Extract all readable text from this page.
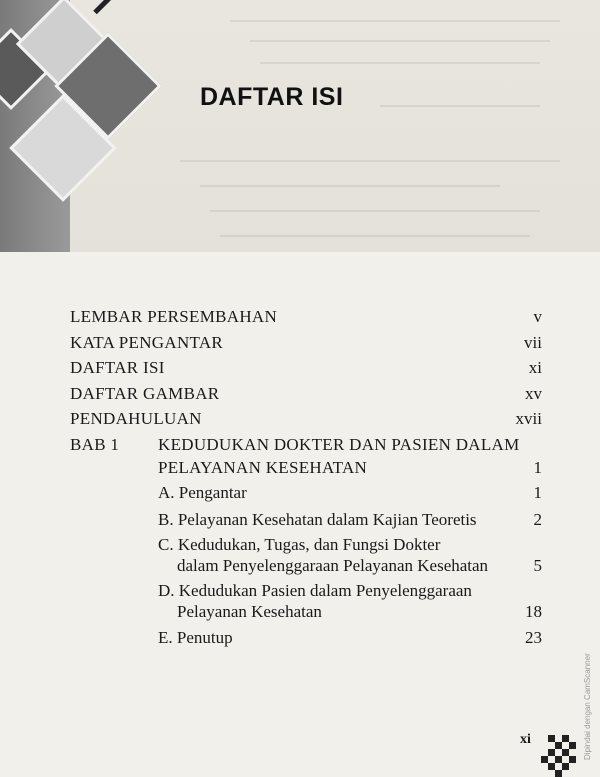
DAFTAR ISI
LEMBAR PERSEMBAHAN	v
KATA PENGANTAR	vii
DAFTAR ISI	xi
DAFTAR GAMBAR	xv
PENDAHULUAN	xvii
BAB 1 KEDUDUKAN DOKTER DAN PASIEN DALAM
PELAYANAN KESEHATAN	1
A. Pengantar	1
B. Pelayanan Kesehatan dalam Kajian Teoretis	2
C. Kedudukan, Tugas, dan Fungsi Dokter
dalam Penyelenggaraan Pelayanan Kesehatan	5
D. Kedudukan Pasien dalam Penyelenggaraan
Pelayanan Kesehatan	18
E. Penutup	23
xi	Dipindai dengan CamScanner
